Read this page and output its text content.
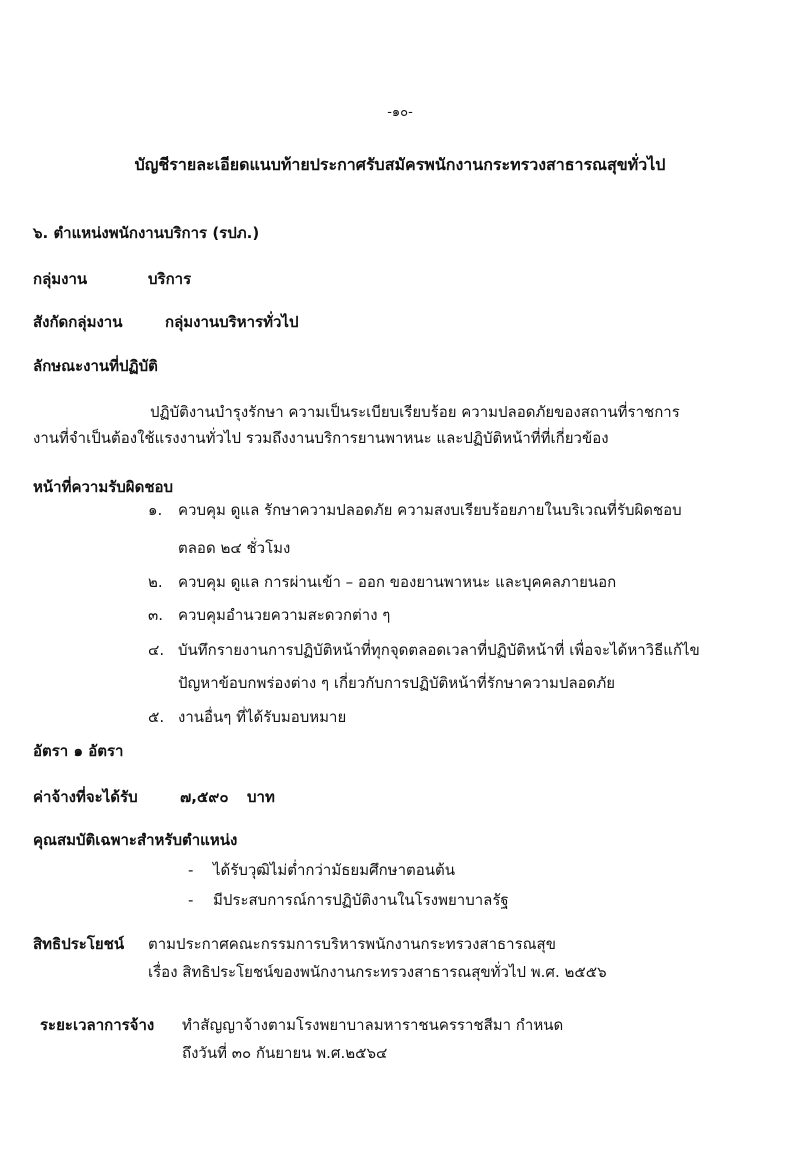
-๑๐-
บัญชีรายละเอียดแนบท้ายประกาศรับสมัครพนักงานกระทรวงสาธารณสุขทั่วไป
๖. ตำแหน่งพนักงานบริการ (รปภ.)
กลุ่มงาน	บริการ
สังกัดกลุ่มงาน	กลุ่มงานบริหารทั่วไป
ลักษณะงานที่ปฏิบัติ
ปฏิบัติงานบำรุงรักษา ความเป็นระเบียบเรียบร้อย ความปลอดภัยของสถานที่ราชการ
งานที่จำเป็นต้องใช้แรงงานทั่วไป รวมถึงงานบริการยานพาหนะ และปฏิบัติหน้าที่ที่เกี่ยวข้อง
หน้าที่ความรับผิดชอบ
๑. ควบคุม ดูแล รักษาความปลอดภัย ความสงบเรียบร้อยภายในบริเวณที่รับผิดชอบ
ตลอด ๒๔ ชั่วโมง
๒. ควบคุม ดูแล การผ่านเข้า – ออก ของยานพาหนะ และบุคคลภายนอก
๓. ควบคุมอำนวยความสะดวกต่าง ๆ
๔. บันทึกรายงานการปฏิบัติหน้าที่ทุกจุดตลอดเวลาที่ปฏิบัติหน้าที่ เพื่อจะได้หาวิธีแก้ไข
ปัญหาข้อบกพร่องต่าง ๆ เกี่ยวกับการปฏิบัติหน้าที่รักษาความปลอดภัย
๕. งานอื่นๆ ที่ได้รับมอบหมาย
อัตรา ๑ อัตรา
ค่าจ้างที่จะได้รับ	๗,๕๙๐ บาท
คุณสมบัติเฉพาะสำหรับตำแหน่ง
- ได้รับวุฒิไม่ต่ำกว่ามัธยมศึกษาตอนต้น
- มีประสบการณ์การปฏิบัติงานในโรงพยาบาลรัฐ
สิทธิประโยชน์ ตามประกาศคณะกรรมการบริหารพนักงานกระทรวงสาธารณสุข
เรื่อง สิทธิประโยชน์ของพนักงานกระทรวงสาธารณสุขทั่วไป พ.ศ. ๒๕๕๖
ระยะเวลาการจ้าง ทำสัญญาจ้างตามโรงพยาบาลมหาราชนครราชสีมา กำหนด
ถึงวันที่ ๓๐ กันยายน พ.ศ.๒๕๖๔
